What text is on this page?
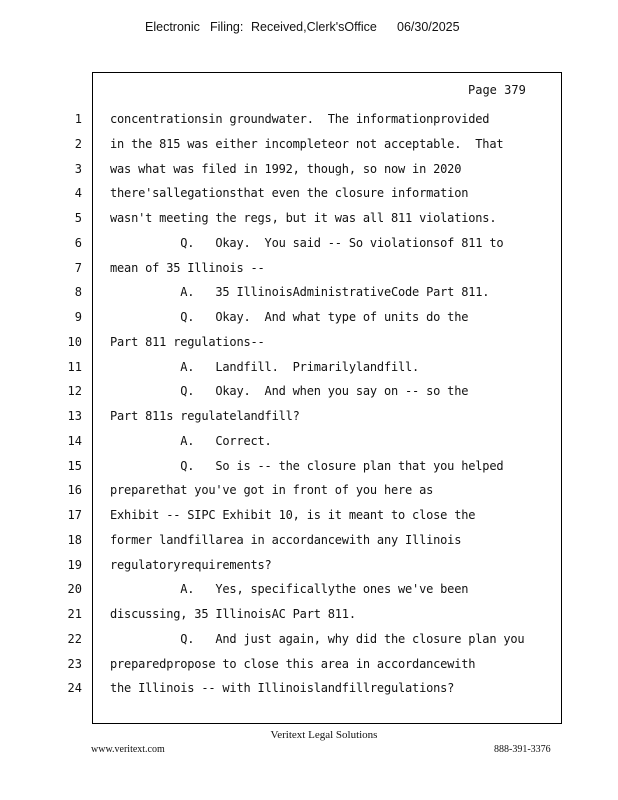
Electronic Filing: Received,Clerk'sOffice 06/30/2025
Page 379
1 concentrationsin groundwater.  The informationprovided
2 in the 815 was either incompleteor not acceptable.  That
3 was what was filed in 1992, though, so now in 2020
4 there'sallegationsthat even the closure information
5 wasn't meeting the regs, but it was all 811 violations.
6 Q.   Okay.  You said -- So violationsof 811 to
7 mean of 35 Illinois --
8 A.   35 IllinoisAdministrativeCode Part 811.
9 Q.   Okay.  And what type of units do the
10 Part 811 regulations--
11 A.   Landfill.  Primarilylandfill.
12 Q.   Okay.  And when you say on -- so the
13 Part 811s regulatelandfill?
14 A.   Correct.
15 Q.   So is -- the closure plan that you helped
16 preparethat you've got in front of you here as
17 Exhibit -- SIPC Exhibit 10, is it meant to close the
18 former landfillarea in accordancewith any Illinois
19 regulatoryrequirements?
20 A.   Yes, specificallythe ones we've been
21 discussing, 35 IllinoisAC Part 811.
22 Q.   And just again, why did the closure plan you
23 preparedpropose to close this area in accordancewith
24 the Illinois -- with Illinoislandfillregulations?
Veritext Legal Solutions
www.veritext.com	888-391-3376
